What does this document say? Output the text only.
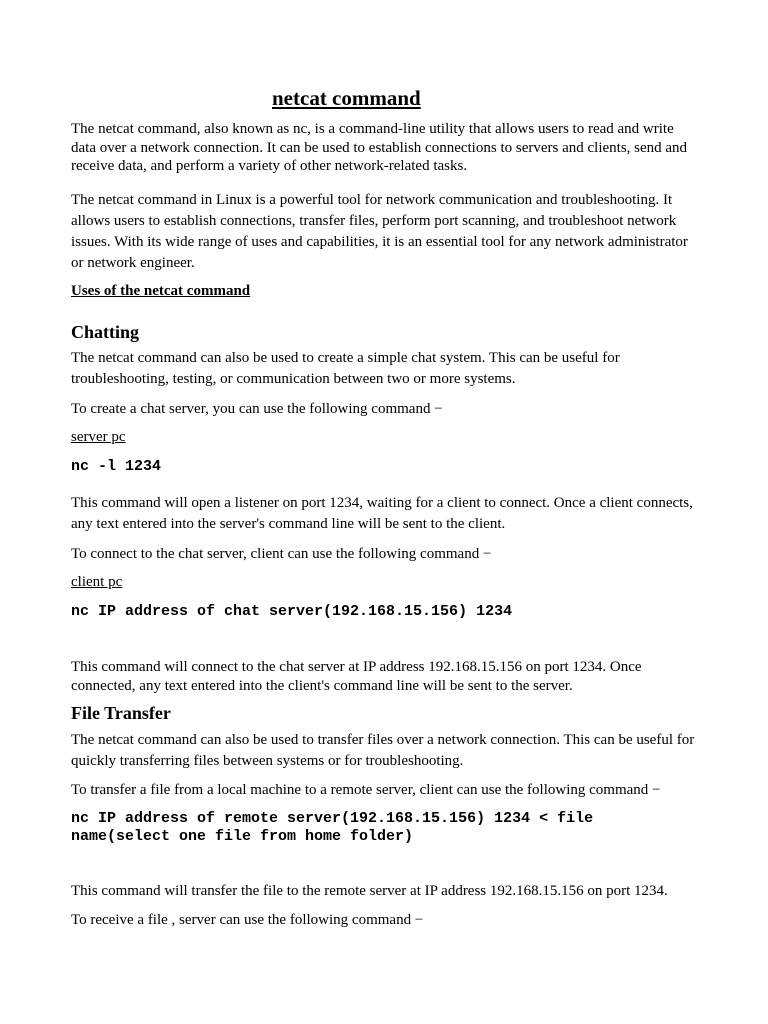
netcat command

The netcat command, also known as nc, is a command-line utility that allows users to read and write data over a network connection. It can be used to establish connections to servers and clients, send and receive data, and perform a variety of other network-related tasks.

The netcat command in Linux is a powerful tool for network communication and troubleshooting. It allows users to establish connections, transfer files, perform port scanning, and troubleshoot network issues. With its wide range of uses and capabilities, it is an essential tool for any network administrator or network engineer.

Uses of the netcat command
Chatting

The netcat command can also be used to create a simple chat system. This can be useful for troubleshooting, testing, or communication between two or more systems.

To create a chat server, you can use the following command −

server pc
nc -l 1234

This command will open a listener on port 1234, waiting for a client to connect. Once a client connects, any text entered into the server's command line will be sent to the client.

To connect to the chat server, client can use the following command −

client pc
nc IP address of chat server(192.168.15.156) 1234

This command will connect to the chat server at IP address 192.168.15.156 on port 1234. Once connected, any text entered into the client's command line will be sent to the server.

File Transfer

The netcat command can also be used to transfer files over a network connection. This can be useful for quickly transferring files between systems or for troubleshooting.

To transfer a file from a local machine to a remote server, client can use the following command −

nc IP address of remote server(192.168.15.156) 1234 < file name(select one file from home folder)

This command will transfer the file to the remote server at IP address 192.168.15.156 on port 1234.

To receive a file , server can use the following command −
